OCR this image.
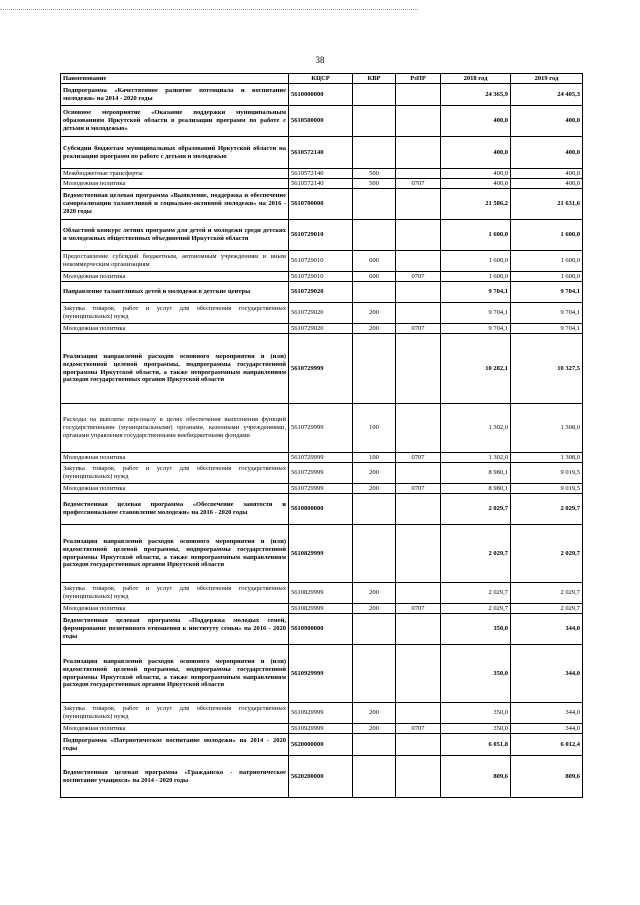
38
Наименование	КЦСР	КВР	РзПР	2018 год	2019 год
Подпрограмма «Качественное развитие потенциала и воспитание молодежи» на 2014 - 2020 годы	5610000000			24 365,9	24 405,3
Основное мероприятие «Оказание поддержки муниципальным образованиям Иркутской области в реализации программ по работе с детьми и молодежью»	5610500000			400,0	400,0
Субсидии бюджетам муниципальных образований Иркутской области на реализацию программ по работе с детьми и молодежью	5610572140			400,0	400,0
Межбюджетные трансферты	5610572140	500		400,0	400,0
Молодежная политика	5610572140	500	0707	400,0	400,0
Ведомственная целевая программа «Выявление, поддержка и обеспечение самореализации талантливой и социально-активной молодежи» на 2016 - 2020 годы	5610700000			21 586,2	21 631,6
Областной конкурс летних программ для детей и молодежи среди детских и молодежных общественных объединений Иркутской области	5610729010			1 600,0	1 600,0
Предоставление субсидий бюджетным, автономным учреждениям и иным некоммерческим организациям	5610729010	600		1 600,0	1 600,0
Молодежная политика	5610729010	600	0707	1 600,0	1 600,0
Направление талантливых детей и молодежи в детские центры	5610729020			9 704,1	9 704,1
Закупка товаров, работ и услуг для обеспечения государственных (муниципальных) нужд	5610729020	200		9 704,1	9 704,1
Молодежная политика	5610729020	200	0707	9 704,1	9 704,1
Реализация направлений расходов основного мероприятия и (или) ведомственной целевой программы, подпрограммы государственной программы Иркутской области, а также непрограммным направлениям расходов государственных органов Иркутской области	5610729999			10 282,1	10 327,5
Расходы на выплаты персоналу в целях обеспечения выполнения функций государственными (муниципальными) органами, казенными учреждениями, органами управления государственными внебюджетными фондами	5610729999	100		1 302,0	1 308,0
Молодежная политика	5610729999	100	0707	1 302,0	1 308,0
Закупка товаров, работ и услуг для обеспечения государственных (муниципальных) нужд	5610729999	200		8 980,1	9 019,5
Молодежная политика	5610729999	200	0707	8 980,1	9 019,5
Ведомственная целевая программа «Обеспечение занятости и профессиональное становление молодежи» на 2016 - 2020 годы	5610800000			2 029,7	2 029,7
Реализация направлений расходов основного мероприятия и (или) ведомственной целевой программы, подпрограммы государственной программы Иркутской области, а также непрограммным направлениям расходов государственных органов Иркутской области	5610829999			2 029,7	2 029,7
Закупка товаров, работ и услуг для обеспечения государственных (муниципальных) нужд	5610829999	200		2 029,7	2 029,7
Молодежная политика	5610829999	200	0707	2 029,7	2 029,7
Ведомственная целевая программа «Поддержка молодых семей, формирование позитивного отношения к институту семьи» на 2016 - 2020 годы	5610900000			350,0	344,0
Реализация направлений расходов основного мероприятия и (или) ведомственной целевой программы, подпрограммы государственной программы Иркутской области, а также непрограммным направлениям расходов государственных органов Иркутской области	5610929999			350,0	344,0
Закупка товаров, работ и услуг для обеспечения государственных (муниципальных) нужд	5610929999	200		350,0	344,0
Молодежная политика	5610929999	200	0707	350,0	344,0
Подпрограмма «Патриотическое воспитание молодежи» на 2014 - 2020 годы	5620000000			6 051,8	6 012,4
Ведомственная целевая программа «Гражданско - патриотическое воспитание учащихся» на 2014 - 2020 годы	5620200000			809,6	809,6
